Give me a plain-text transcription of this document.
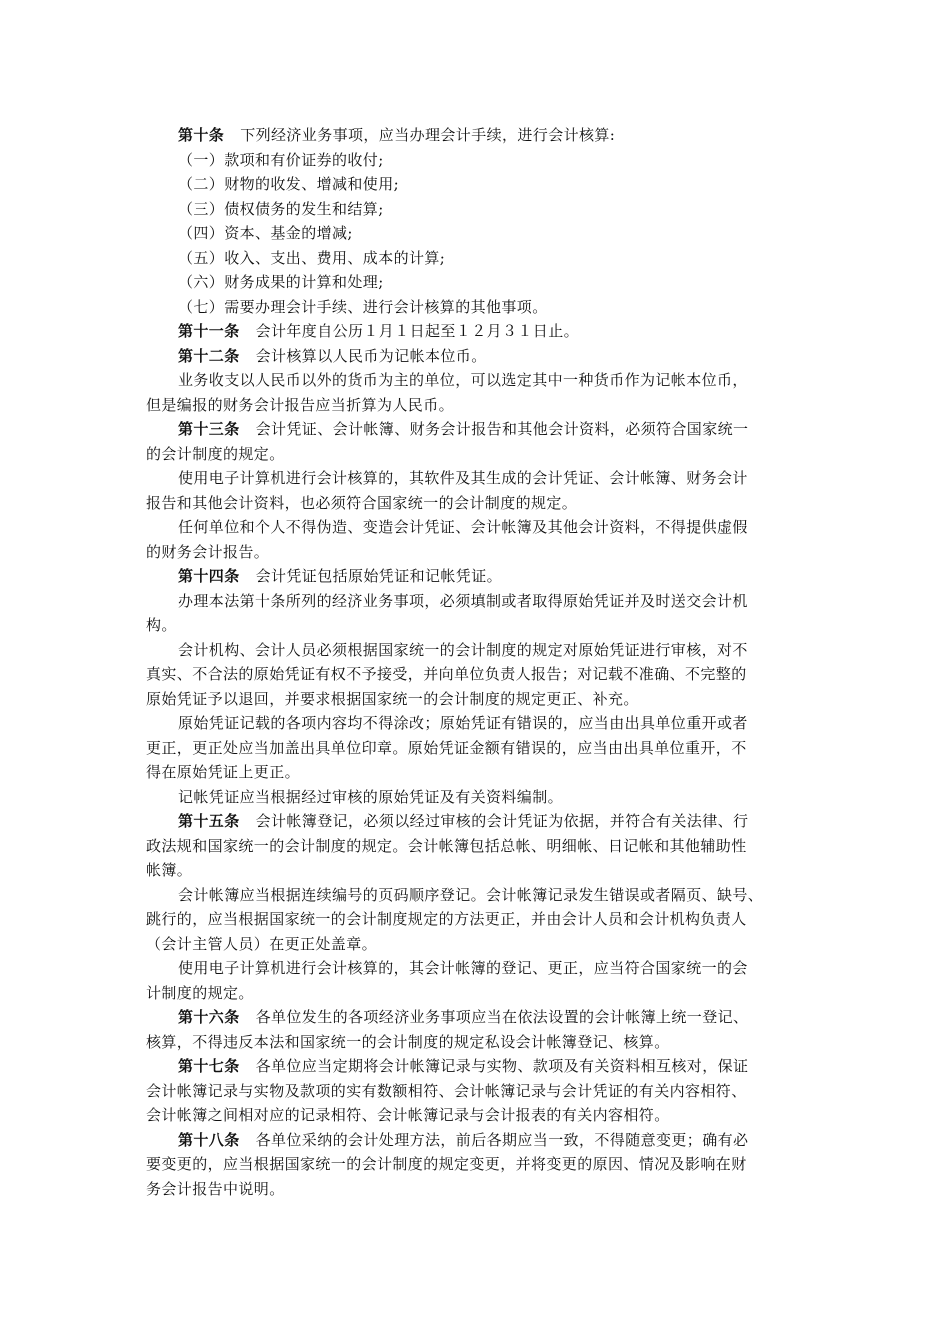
第十条 下列经济业务事项，应当办理会计手续，进行会计核算:
（一）款项和有价证券的收付;
（二）财物的收发、增减和使用;
（三）债权债务的发生和结算;
（四）资本、基金的增减;
（五）收入、支出、费用、成本的计算;
（六）财务成果的计算和处理;
（七）需要办理会计手续、进行会计核算的其他事项。
第十一条 会计年度自公历１月１日起至１２月３１日止。
第十二条 会计核算以人民币为记帐本位币。
业务收支以人民币以外的货币为主的单位，可以选定其中一种货币作为记帐本位币，
但是编报的财务会计报告应当折算为人民币。
第十三条 会计凭证、会计帐簿、财务会计报告和其他会计资料，必须符合国家统一
的会计制度的规定。
使用电子计算机进行会计核算的，其软件及其生成的会计凭证、会计帐簿、财务会计
报告和其他会计资料，也必须符合国家统一的会计制度的规定。
任何单位和个人不得伪造、变造会计凭证、会计帐簿及其他会计资料，不得提供虚假
的财务会计报告。
第十四条 会计凭证包括原始凭证和记帐凭证。
办理本法第十条所列的经济业务事项，必须填制或者取得原始凭证并及时送交会计机
构。
会计机构、会计人员必须根据国家统一的会计制度的规定对原始凭证进行审核，对不
真实、不合法的原始凭证有权不予接受，并向单位负责人报告；对记载不准确、不完整的
原始凭证予以退回，并要求根据国家统一的会计制度的规定更正、补充。
原始凭证记载的各项内容均不得涂改；原始凭证有错误的，应当由出具单位重开或者
更正，更正处应当加盖出具单位印章。原始凭证金额有错误的，应当由出具单位重开，不
得在原始凭证上更正。
记帐凭证应当根据经过审核的原始凭证及有关资料编制。
第十五条 会计帐簿登记，必须以经过审核的会计凭证为依据，并符合有关法律、行
政法规和国家统一的会计制度的规定。会计帐簿包括总帐、明细帐、日记帐和其他辅助性
帐簿。
会计帐簿应当根据连续编号的页码顺序登记。会计帐簿记录发生错误或者隔页、缺号、
跳行的，应当根据国家统一的会计制度规定的方法更正，并由会计人员和会计机构负责人
（会计主管人员）在更正处盖章。
使用电子计算机进行会计核算的，其会计帐簿的登记、更正，应当符合国家统一的会
计制度的规定。
第十六条 各单位发生的各项经济业务事项应当在依法设置的会计帐簿上统一登记、
核算，不得违反本法和国家统一的会计制度的规定私设会计帐簿登记、核算。
第十七条 各单位应当定期将会计帐簿记录与实物、款项及有关资料相互核对，保证
会计帐簿记录与实物及款项的实有数额相符、会计帐簿记录与会计凭证的有关内容相符、
会计帐簿之间相对应的记录相符、会计帐簿记录与会计报表的有关内容相符。
第十八条 各单位采纳的会计处理方法，前后各期应当一致，不得随意变更；确有必
要变更的，应当根据国家统一的会计制度的规定变更，并将变更的原因、情况及影响在财
务会计报告中说明。
